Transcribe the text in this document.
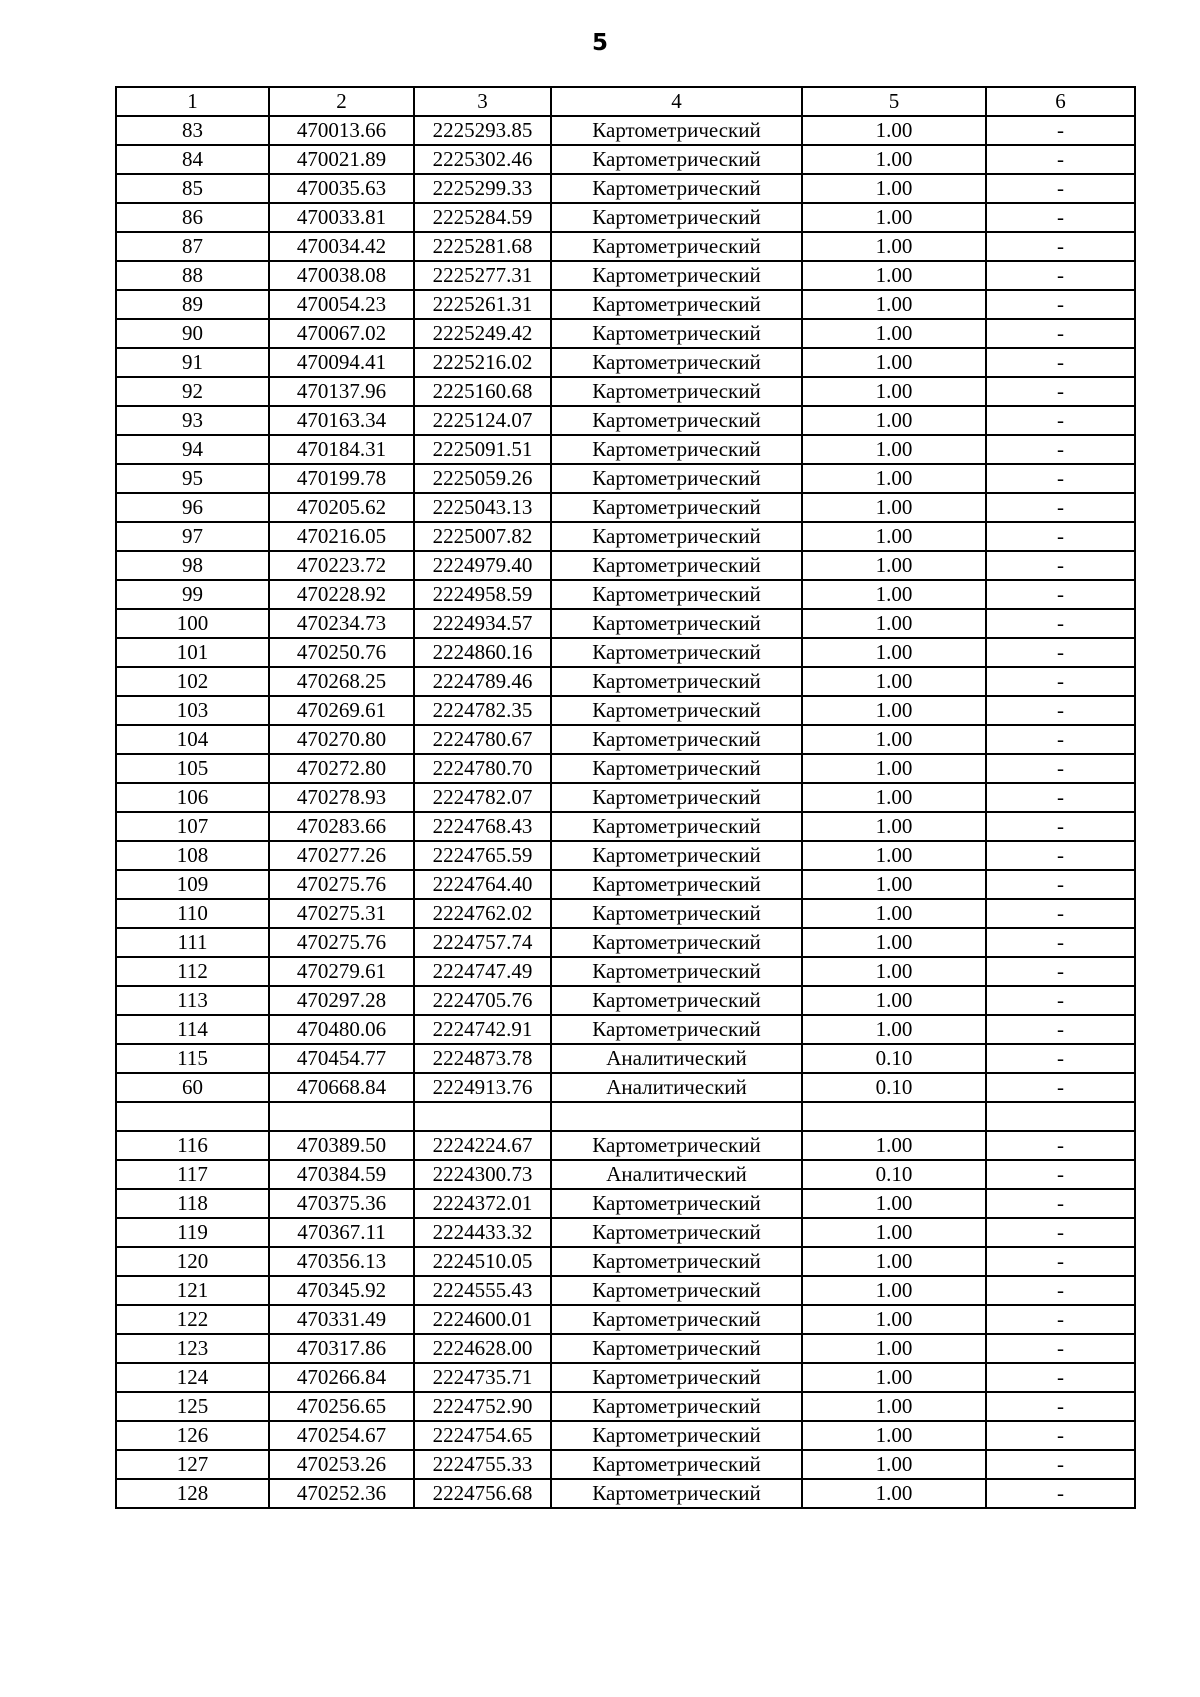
5
1	2	3	4	5	6
83	470013.66	2225293.85	Картометрический	1.00	-
84	470021.89	2225302.46	Картометрический	1.00	-
85	470035.63	2225299.33	Картометрический	1.00	-
86	470033.81	2225284.59	Картометрический	1.00	-
87	470034.42	2225281.68	Картометрический	1.00	-
88	470038.08	2225277.31	Картометрический	1.00	-
89	470054.23	2225261.31	Картометрический	1.00	-
90	470067.02	2225249.42	Картометрический	1.00	-
91	470094.41	2225216.02	Картометрический	1.00	-
92	470137.96	2225160.68	Картометрический	1.00	-
93	470163.34	2225124.07	Картометрический	1.00	-
94	470184.31	2225091.51	Картометрический	1.00	-
95	470199.78	2225059.26	Картометрический	1.00	-
96	470205.62	2225043.13	Картометрический	1.00	-
97	470216.05	2225007.82	Картометрический	1.00	-
98	470223.72	2224979.40	Картометрический	1.00	-
99	470228.92	2224958.59	Картометрический	1.00	-
100	470234.73	2224934.57	Картометрический	1.00	-
101	470250.76	2224860.16	Картометрический	1.00	-
102	470268.25	2224789.46	Картометрический	1.00	-
103	470269.61	2224782.35	Картометрический	1.00	-
104	470270.80	2224780.67	Картометрический	1.00	-
105	470272.80	2224780.70	Картометрический	1.00	-
106	470278.93	2224782.07	Картометрический	1.00	-
107	470283.66	2224768.43	Картометрический	1.00	-
108	470277.26	2224765.59	Картометрический	1.00	-
109	470275.76	2224764.40	Картометрический	1.00	-
110	470275.31	2224762.02	Картометрический	1.00	-
111	470275.76	2224757.74	Картометрический	1.00	-
112	470279.61	2224747.49	Картометрический	1.00	-
113	470297.28	2224705.76	Картометрический	1.00	-
114	470480.06	2224742.91	Картометрический	1.00	-
115	470454.77	2224873.78	Аналитический	0.10	-
60	470668.84	2224913.76	Аналитический	0.10	-

116	470389.50	2224224.67	Картометрический	1.00	-
117	470384.59	2224300.73	Аналитический	0.10	-
118	470375.36	2224372.01	Картометрический	1.00	-
119	470367.11	2224433.32	Картометрический	1.00	-
120	470356.13	2224510.05	Картометрический	1.00	-
121	470345.92	2224555.43	Картометрический	1.00	-
122	470331.49	2224600.01	Картометрический	1.00	-
123	470317.86	2224628.00	Картометрический	1.00	-
124	470266.84	2224735.71	Картометрический	1.00	-
125	470256.65	2224752.90	Картометрический	1.00	-
126	470254.67	2224754.65	Картометрический	1.00	-
127	470253.26	2224755.33	Картометрический	1.00	-
128	470252.36	2224756.68	Картометрический	1.00	-
